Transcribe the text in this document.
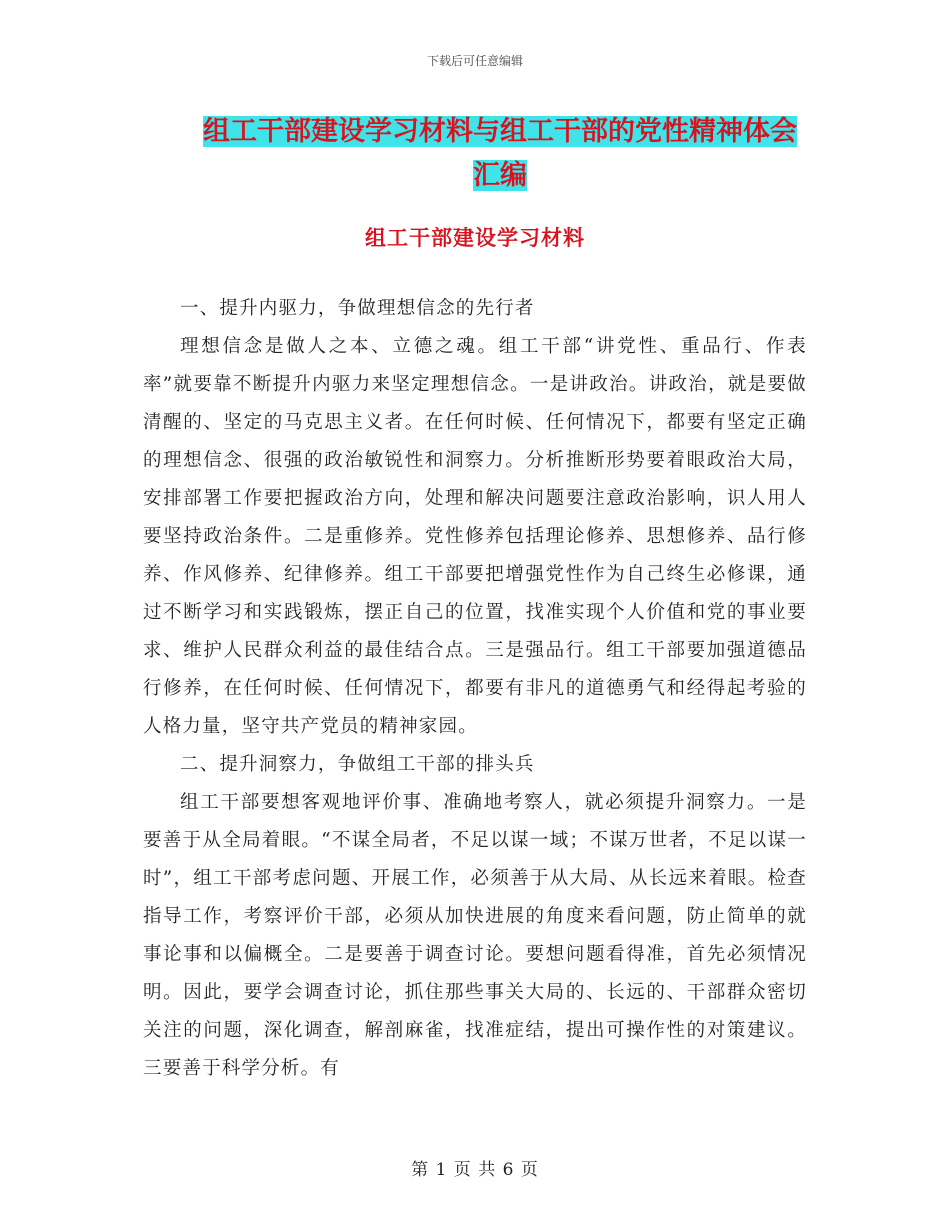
下载后可任意编辑
组工干部建设学习材料与组工干部的党性精神体会汇编
组工干部建设学习材料

一、提升内驱力，争做理想信念的先行者

理想信念是做人之本、立德之魂。组工干部“讲党性、重品行、作表率”就要靠不断提升内驱力来坚定理想信念。一是讲政治。讲政治，就是要做清醒的、坚定的马克思主义者。在任何时候、任何情况下，都要有坚定正确的理想信念、很强的政治敏锐性和洞察力。分析推断形势要着眼政治大局，安排部署工作要把握政治方向，处理和解决问题要注意政治影响，识人用人要坚持政治条件。二是重修养。党性修养包括理论修养、思想修养、品行修养、作风修养、纪律修养。组工干部要把增强党性作为自己终生必修课，通过不断学习和实践锻炼，摆正自己的位置，找准实现个人价值和党的事业要求、维护人民群众利益的最佳结合点。三是强品行。组工干部要加强道德品行修养，在任何时候、任何情况下，都要有非凡的道德勇气和经得起考验的人格力量，坚守共产党员的精神家园。

二、提升洞察力，争做组工干部的排头兵

组工干部要想客观地评价事、准确地考察人，就必须提升洞察力。一是要善于从全局着眼。“不谋全局者，不足以谋一域；不谋万世者，不足以谋一时”，组工干部考虑问题、开展工作，必须善于从大局、从长远来着眼。检查指导工作，考察评价干部，必须从加快进展的角度来看问题，防止简单的就事论事和以偏概全。二是要善于调查讨论。要想问题看得准，首先必须情况明。因此，要学会调查讨论，抓住那些事关大局的、长远的、干部群众密切关注的问题，深化调查，解剖麻雀，找准症结，提出可操作性的对策建议。三要善于科学分析。有

第 1 页 共 6 页
